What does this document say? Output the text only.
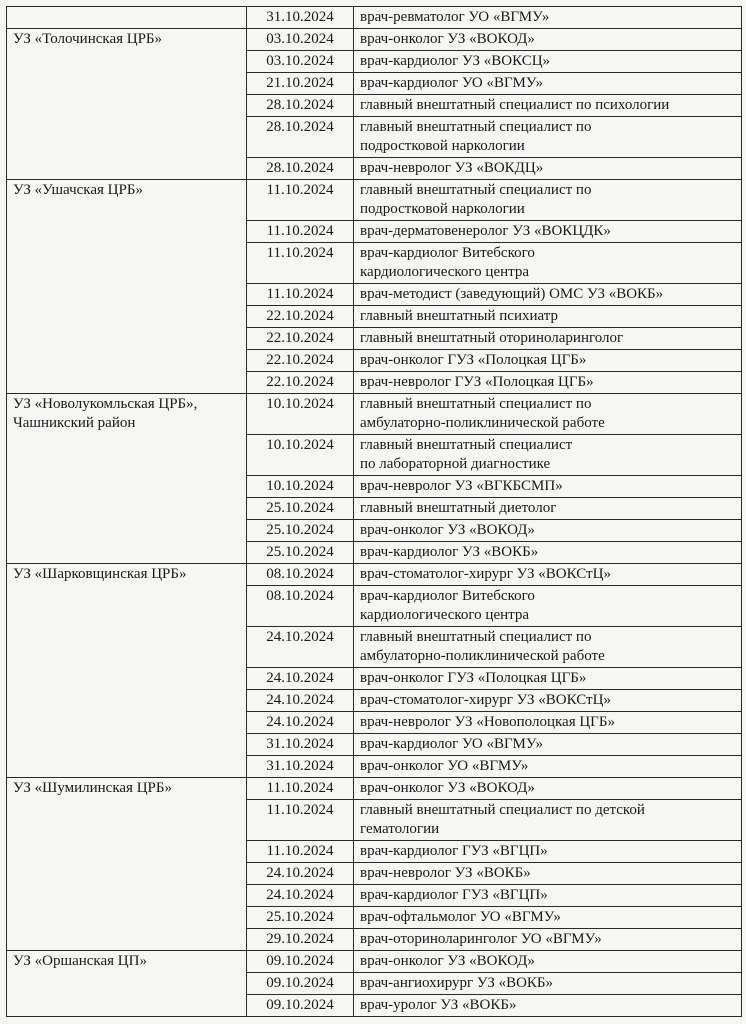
	31.10.2024	врач-ревматолог УО «ВГМУ»

УЗ «Толочинская ЦРБ»	03.10.2024	врач-онколог УЗ «ВОКОД»

	03.10.2024	врач-кардиолог УЗ «ВОКСЦ»

	21.10.2024	врач-кардиолог УО «ВГМУ»

	28.10.2024	главный внештатный специалист по психологии

	28.10.2024	главный внештатный специалист по
подростковой наркологии

	28.10.2024	врач-невролог УЗ «ВОКДЦ»

УЗ «Ушачская ЦРБ»	11.10.2024	главный внештатный специалист по
подростковой наркологии

	11.10.2024	врач-дерматовенеролог УЗ «ВОКЦДК»

	11.10.2024	врач-кардиолог Витебского
кардиологического центра

	11.10.2024	врач-методист (заведующий) ОМС УЗ «ВОКБ»

	22.10.2024	главный внештатный психиатр

	22.10.2024	главный внештатный оториноларинголог

	22.10.2024	врач-онколог ГУЗ «Полоцкая ЦГБ»

	22.10.2024	врач-невролог ГУЗ «Полоцкая ЦГБ»

УЗ «Новолукомльская ЦРБ»,
Чашникский район	10.10.2024	главный внештатный специалист по
амбулаторно-поликлинической работе

	10.10.2024	главный внештатный специалист
по лабораторной диагностике

	10.10.2024	врач-невролог УЗ «ВГКБСМП»

	25.10.2024	главный внештатный диетолог

	25.10.2024	врач-онколог УЗ «ВОКОД»

	25.10.2024	врач-кардиолог УЗ «ВОКБ»

УЗ «Шарковщинская ЦРБ»	08.10.2024	врач-стоматолог-хирург УЗ «ВОКСтЦ»

	08.10.2024	врач-кардиолог Витебского
кардиологического центра

	24.10.2024	главный внештатный специалист по
амбулаторно-поликлинической работе

	24.10.2024	врач-онколог ГУЗ «Полоцкая ЦГБ»

	24.10.2024	врач-стоматолог-хирург УЗ «ВОКСтЦ»

	24.10.2024	врач-невролог УЗ «Новополоцкая ЦГБ»

	31.10.2024	врач-кардиолог УО «ВГМУ»

	31.10.2024	врач-онколог УО «ВГМУ»

УЗ «Шумилинская ЦРБ»	11.10.2024	врач-онколог УЗ «ВОКОД»

	11.10.2024	главный внештатный специалист по детской
гематологии

	11.10.2024	врач-кардиолог ГУЗ «ВГЦП»

	24.10.2024	врач-невролог УЗ «ВОКБ»

	24.10.2024	врач-кардиолог ГУЗ «ВГЦП»

	25.10.2024	врач-офтальмолог УО «ВГМУ»

	29.10.2024	врач-оториноларинголог УО «ВГМУ»

УЗ «Оршанская ЦП»	09.10.2024	врач-онколог УЗ «ВОКОД»

	09.10.2024	врач-ангиохирург УЗ «ВОКБ»

	09.10.2024	врач-уролог УЗ «ВОКБ»
